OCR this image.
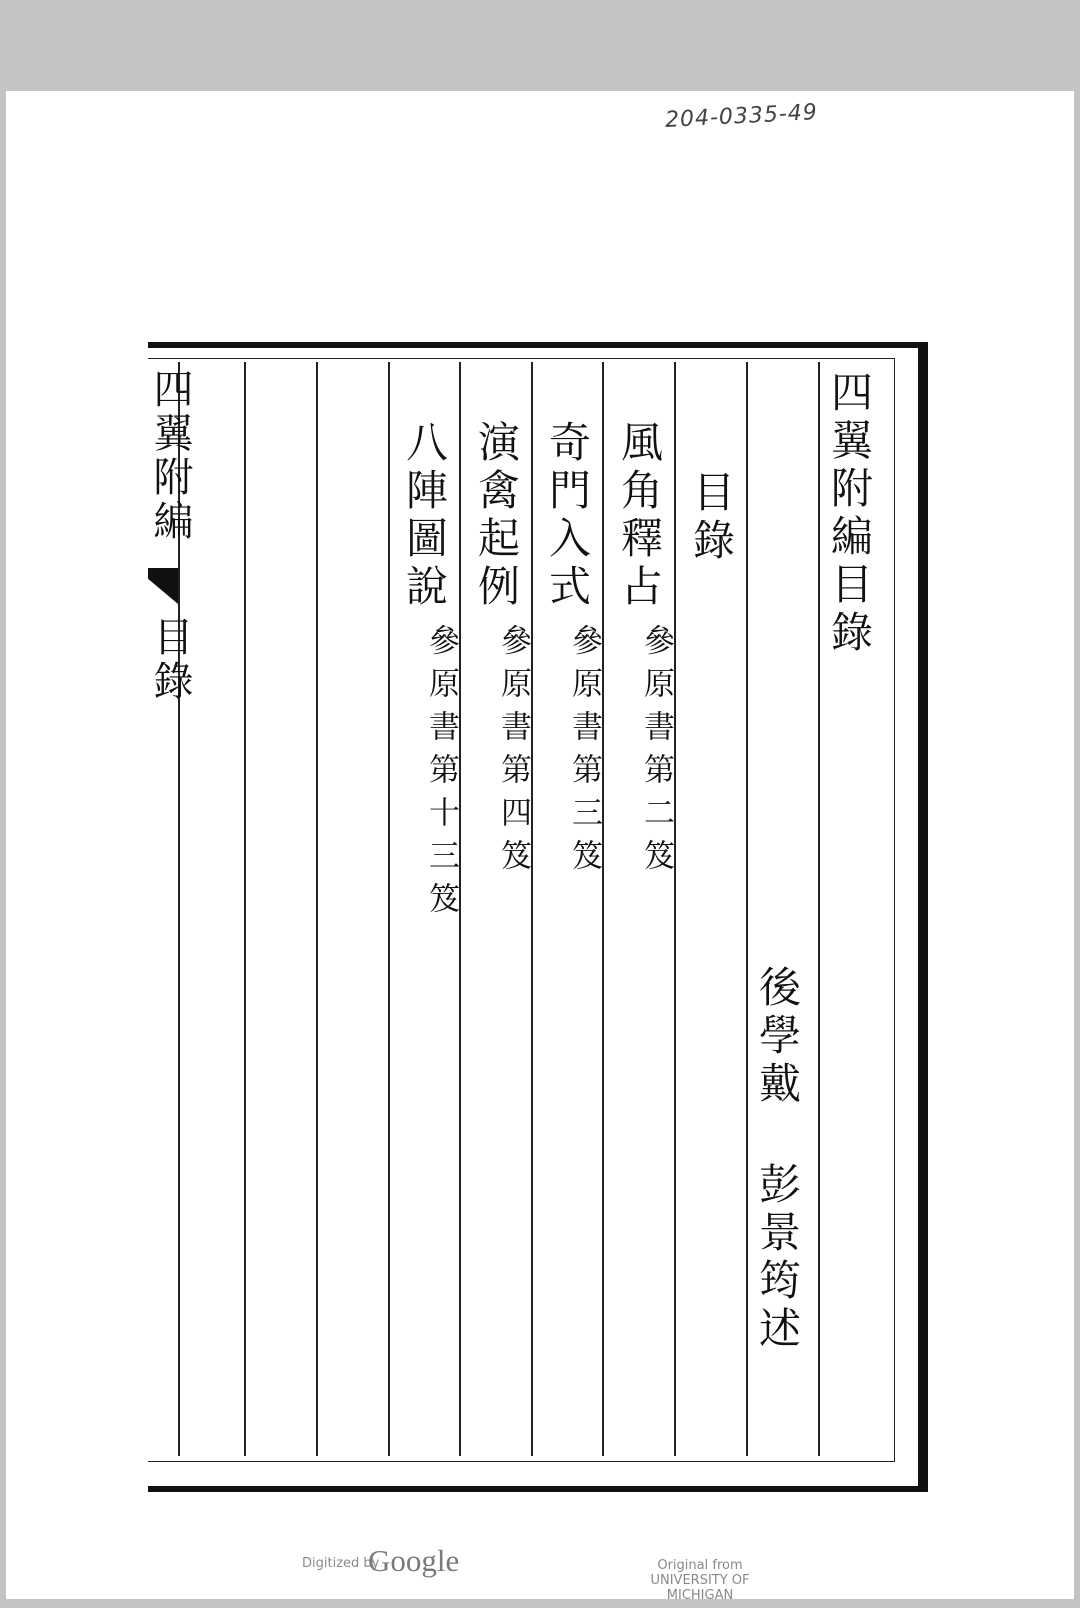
204-0335-49
四翼附編
目錄
四翼附編目錄
後學戴
彭景筠述
目錄
風角釋占
參原書第二笈
奇門入式
參原書第三笈
演禽起例
參原書第四笈
八陣圖說
參原書第十三笈
Digitized by
Google	Original from
UNIVERSITY OF MICHIGAN
